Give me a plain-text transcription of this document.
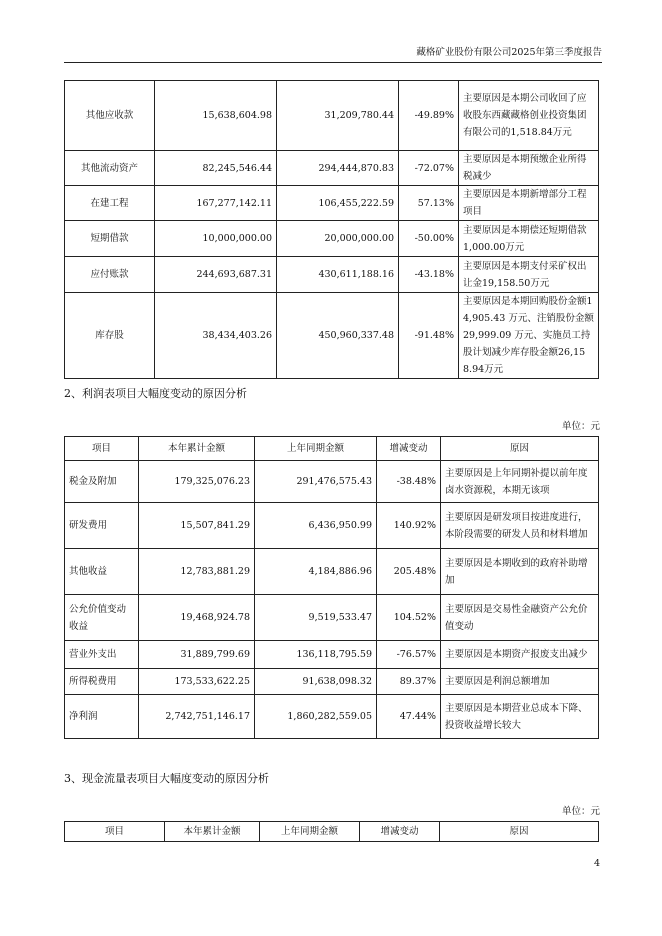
藏格矿业股份有限公司2025年第三季度报告
其他应收款	15,638,604.98	31,209,780.44	-49.89%	主要原因是本期公司收回了应收股东西藏藏格创业投资集团有限公司的1,518.84万元
其他流动资产	82,245,546.44	294,444,870.83	-72.07%	主要原因是本期预缴企业所得税减少
在建工程	167,277,142.11	106,455,222.59	57.13%	主要原因是本期新增部分工程项目
短期借款	10,000,000.00	20,000,000.00	-50.00%	主要原因是本期偿还短期借款1,000.00万元
应付账款	244,693,687.31	430,611,188.16	-43.18%	主要原因是本期支付采矿权出让金19,158.50万元
库存股	38,434,403.26	450,960,337.48	-91.48%	主要原因是本期回购股份金额14,905.43 万元、注销股份金额29,999.09 万元、实施员工持股计划减少库存股金额26,158.94万元
2、利润表项目大幅度变动的原因分析
单位：元
项目	本年累计金额	上年同期金额	增减变动	原因
税金及附加	179,325,076.23	291,476,575.43	-38.48%	主要原因是上年同期补提以前年度卤水资源税，本期无该项
研发费用	15,507,841.29	6,436,950.99	140.92%	主要原因是研发项目按进度进行，本阶段需要的研发人员和材料增加
其他收益	12,783,881.29	4,184,886.96	205.48%	主要原因是本期收到的政府补助增加
公允价值变动收益	19,468,924.78	9,519,533.47	104.52%	主要原因是交易性金融资产公允价值变动
营业外支出	31,889,799.69	136,118,795.59	-76.57%	主要原因是本期资产报废支出减少
所得税费用	173,533,622.25	91,638,098.32	89.37%	主要原因是利润总额增加
净利润	2,742,751,146.17	1,860,282,559.05	47.44%	主要原因是本期营业总成本下降、投资收益增长较大
3、现金流量表项目大幅度变动的原因分析
单位：元
项目	本年累计金额	上年同期金额	增减变动	原因
4
